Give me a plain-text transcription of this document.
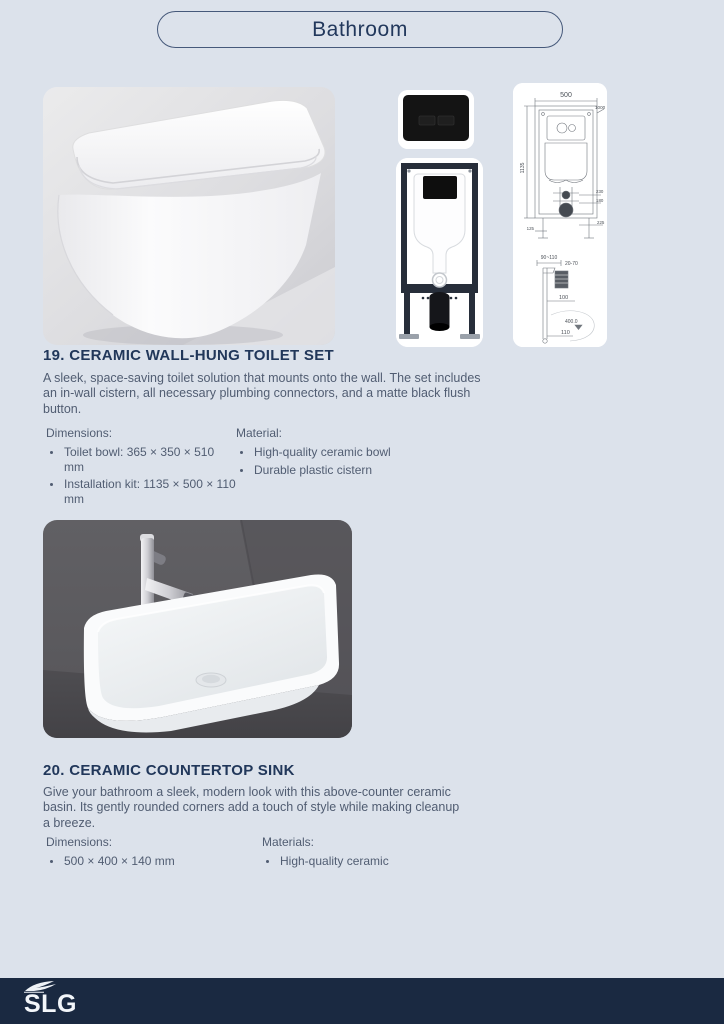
Bathroom
500
1135
1000
230
180
125
225
90~110
20-70
100
400.0
110
19. CERAMIC WALL-HUNG TOILET SET
A sleek, space-saving toilet solution that mounts onto the wall. The set includes an in-wall cistern, all necessary plumbing connectors, and a matte black flush button.

Dimensions:

• Toilet bowl: 365 × 350 × 510 mm
• Installation kit: 1135 × 500 × 110 mm

Material:

• High-quality ceramic bowl
• Durable plastic cistern
20. CERAMIC COUNTERTOP SINK
Give your bathroom a sleek, modern look with this above-counter ceramic basin. Its gently rounded corners add a touch of style while making cleanup a breeze.

Dimensions:

• 500 × 400 × 140 mm

Materials:

• High-quality ceramic
SLG
